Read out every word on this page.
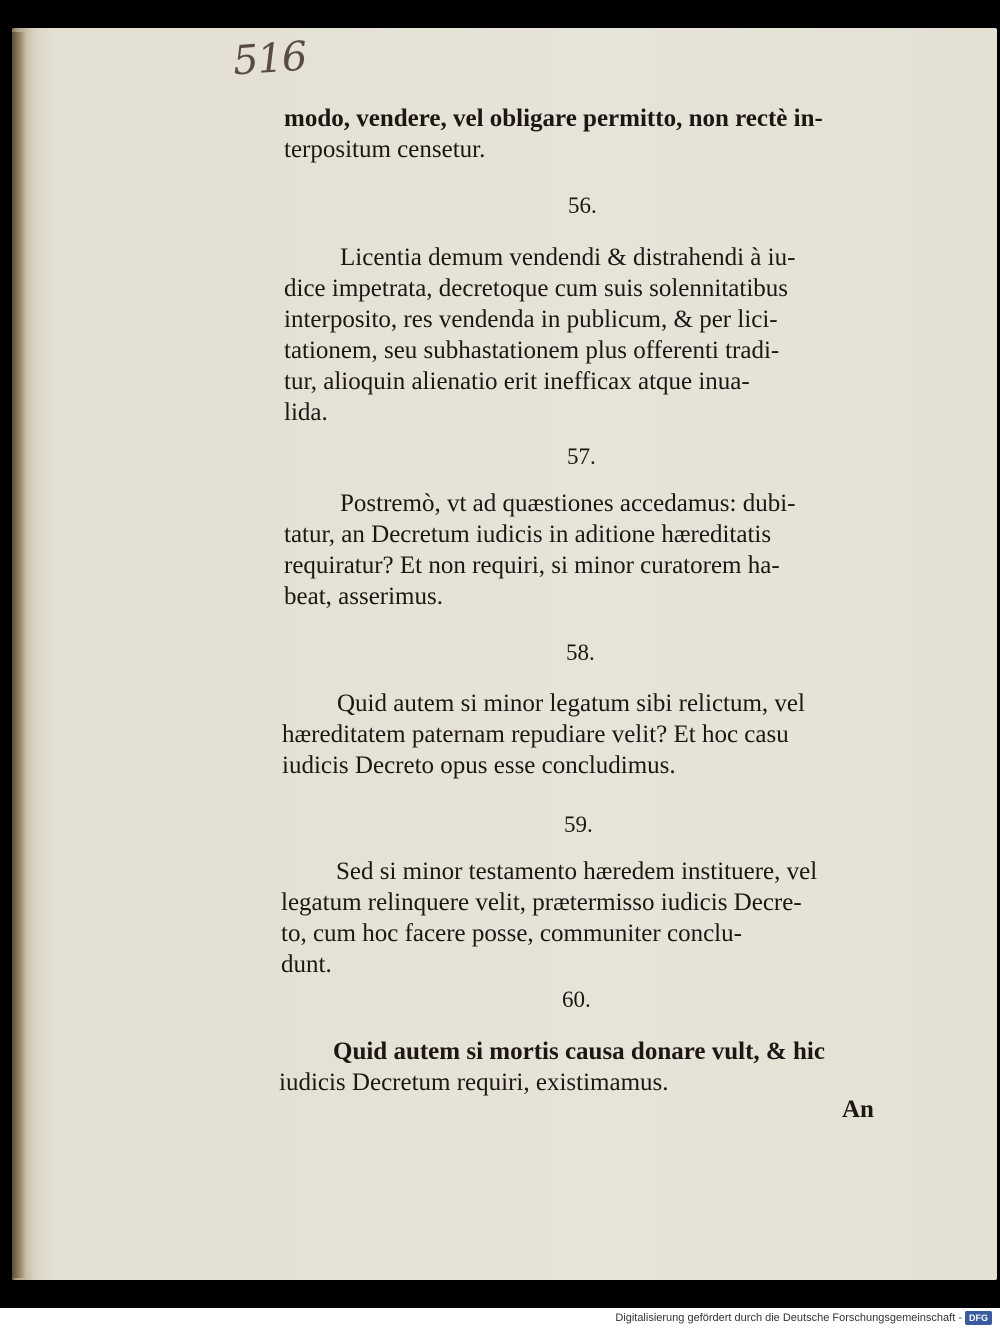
516
modo, vendere, vel obligare permitto, non rectè in-
terpositum censetur.
56.
Licentia demum vendendi & distrahendi à iu-
dice impetrata, decretoque cum suis solennitatibus
interposito, res vendenda in publicum, & per lici-
tationem, seu subhastationem plus offerenti tradi-
tur, alioquin alienatio erit inefficax atque inua-
lida.
57.
Postremò, vt ad quæstiones accedamus: dubi-
tatur, an Decretum iudicis in aditione hæreditatis
requiratur? Et non requiri, si minor curatorem ha-
beat, asserimus.
58.
Quid autem si minor legatum sibi relictum, vel
hæreditatem paternam repudiare velit? Et hoc casu
iudicis Decreto opus esse concludimus.
59.
Sed si minor testamento hæredem instituere, vel
legatum relinquere velit, prætermisso iudicis Decre-
to, cum hoc facere posse, communiter conclu-
dunt.
60.
Quid autem si mortis causa donare vult, & hic
iudicis Decretum requiri, existimamus.
An
Digitalisierung gefördert durch die Deutsche Forschungsgemeinschaft - DFG
